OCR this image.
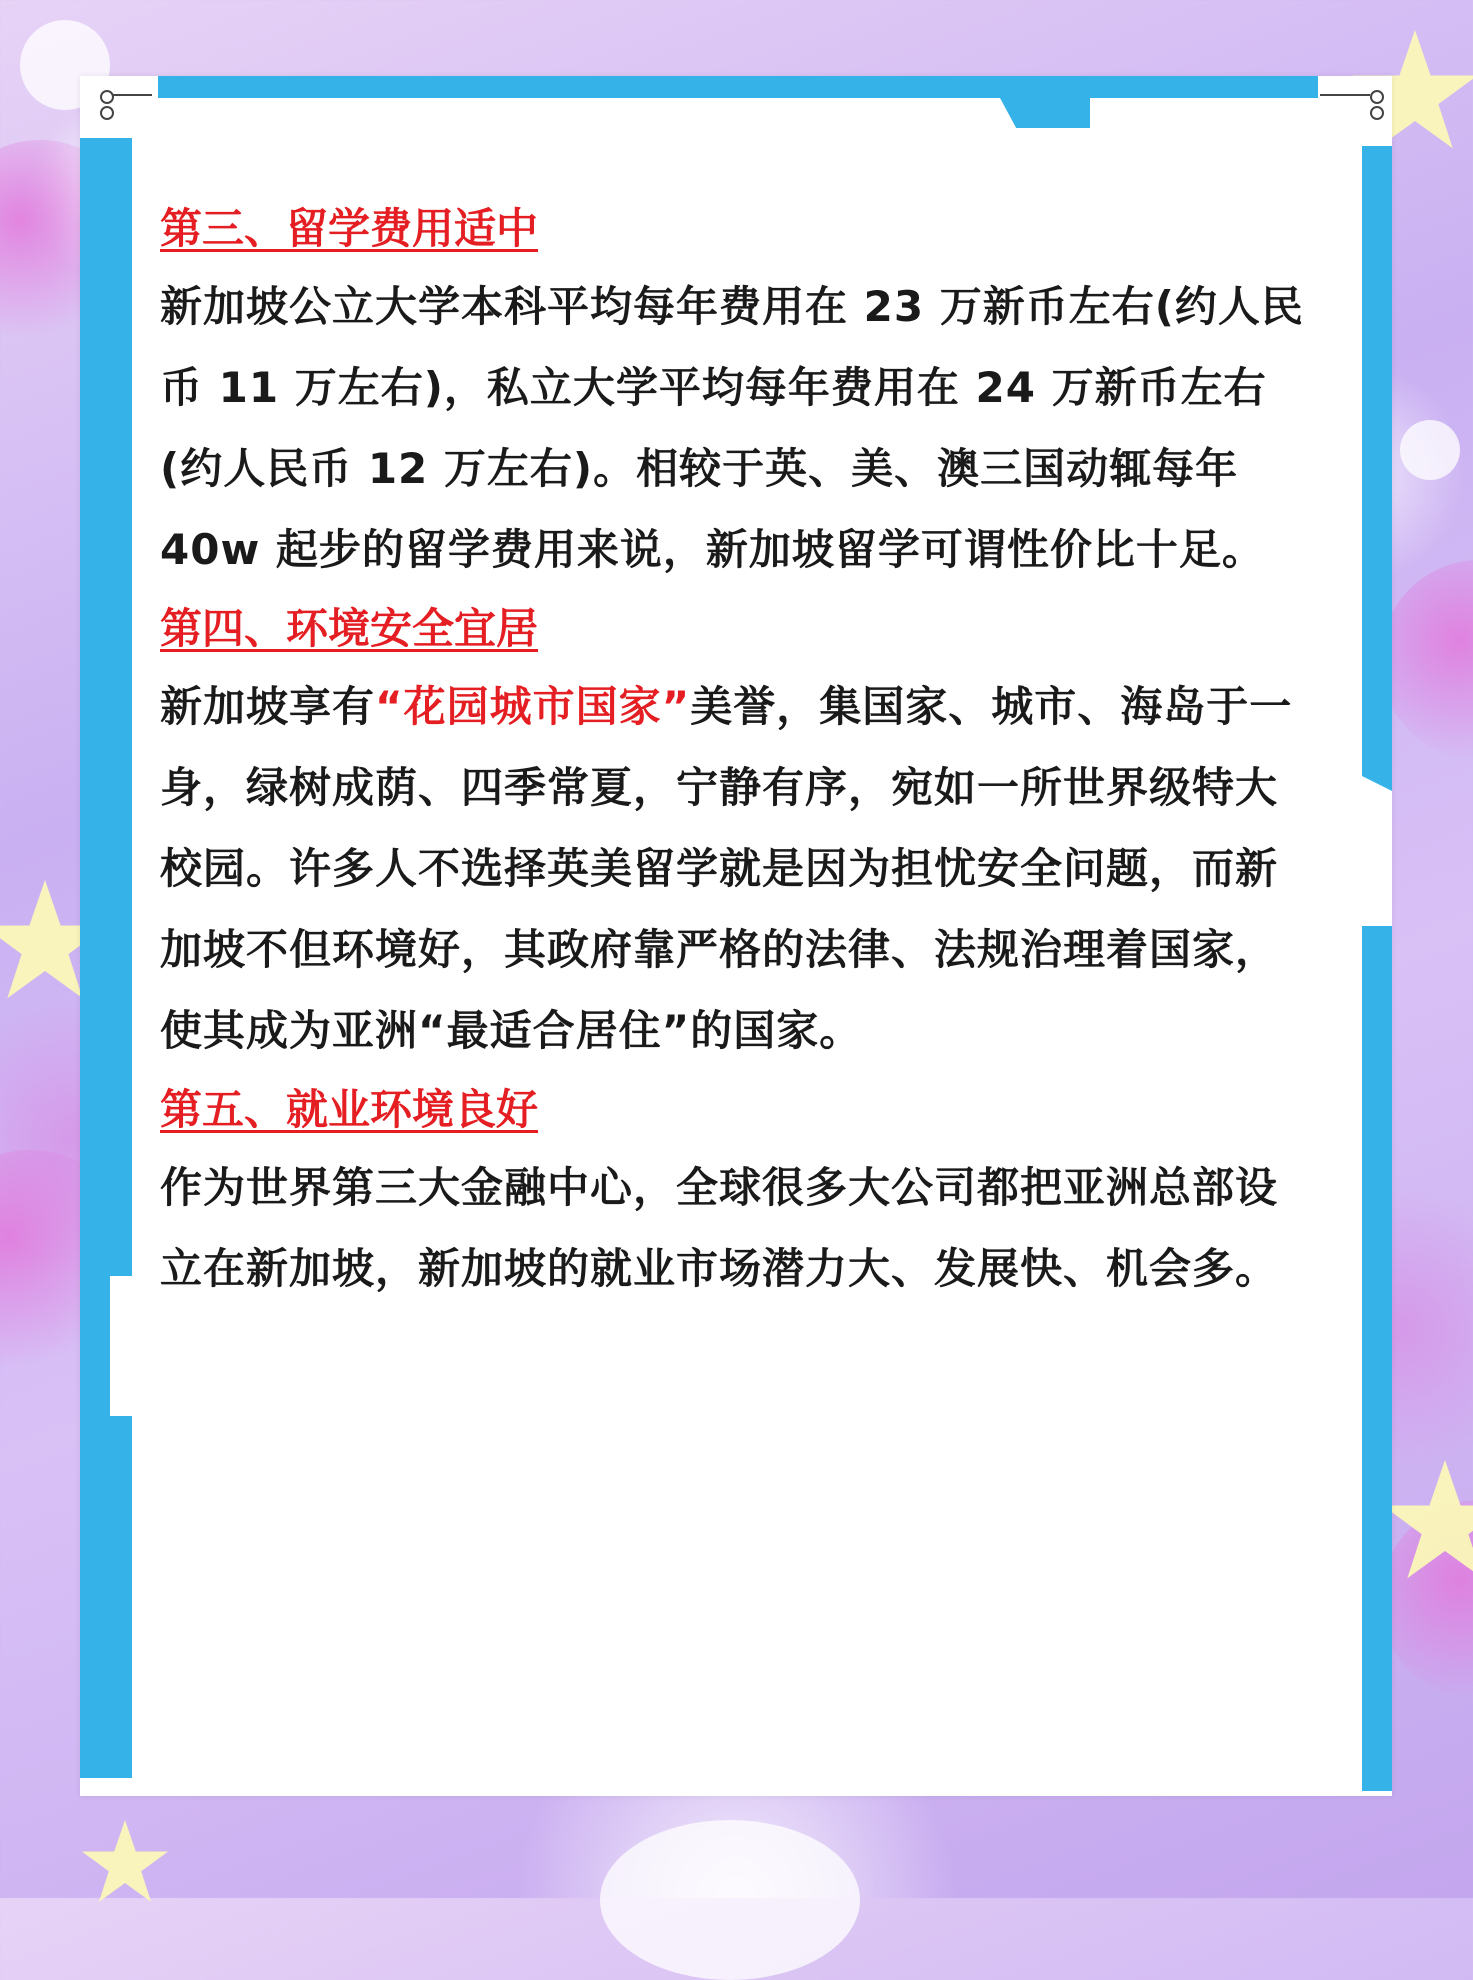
第三、留学费用适中

新加坡公立大学本科平均每年费用在 23 万新币左右(约人民币 11 万左右)，私立大学平均每年费用在 24 万新币左右(约人民币 12 万左右)。相较于英、美、澳三国动辄每年 40w 起步的留学费用来说，新加坡留学可谓性价比十足。

第四、环境安全宜居

新加坡享有“花园城市国家”美誉，集国家、城市、海岛于一身，绿树成荫、四季常夏，宁静有序，宛如一所世界级特大校园。许多人不选择英美留学就是因为担忧安全问题，而新加坡不但环境好，其政府靠严格的法律、法规治理着国家，使其成为亚洲“最适合居住”的国家。

第五、就业环境良好

作为世界第三大金融中心，全球很多大公司都把亚洲总部设立在新加坡，新加坡的就业市场潜力大、发展快、机会多。
